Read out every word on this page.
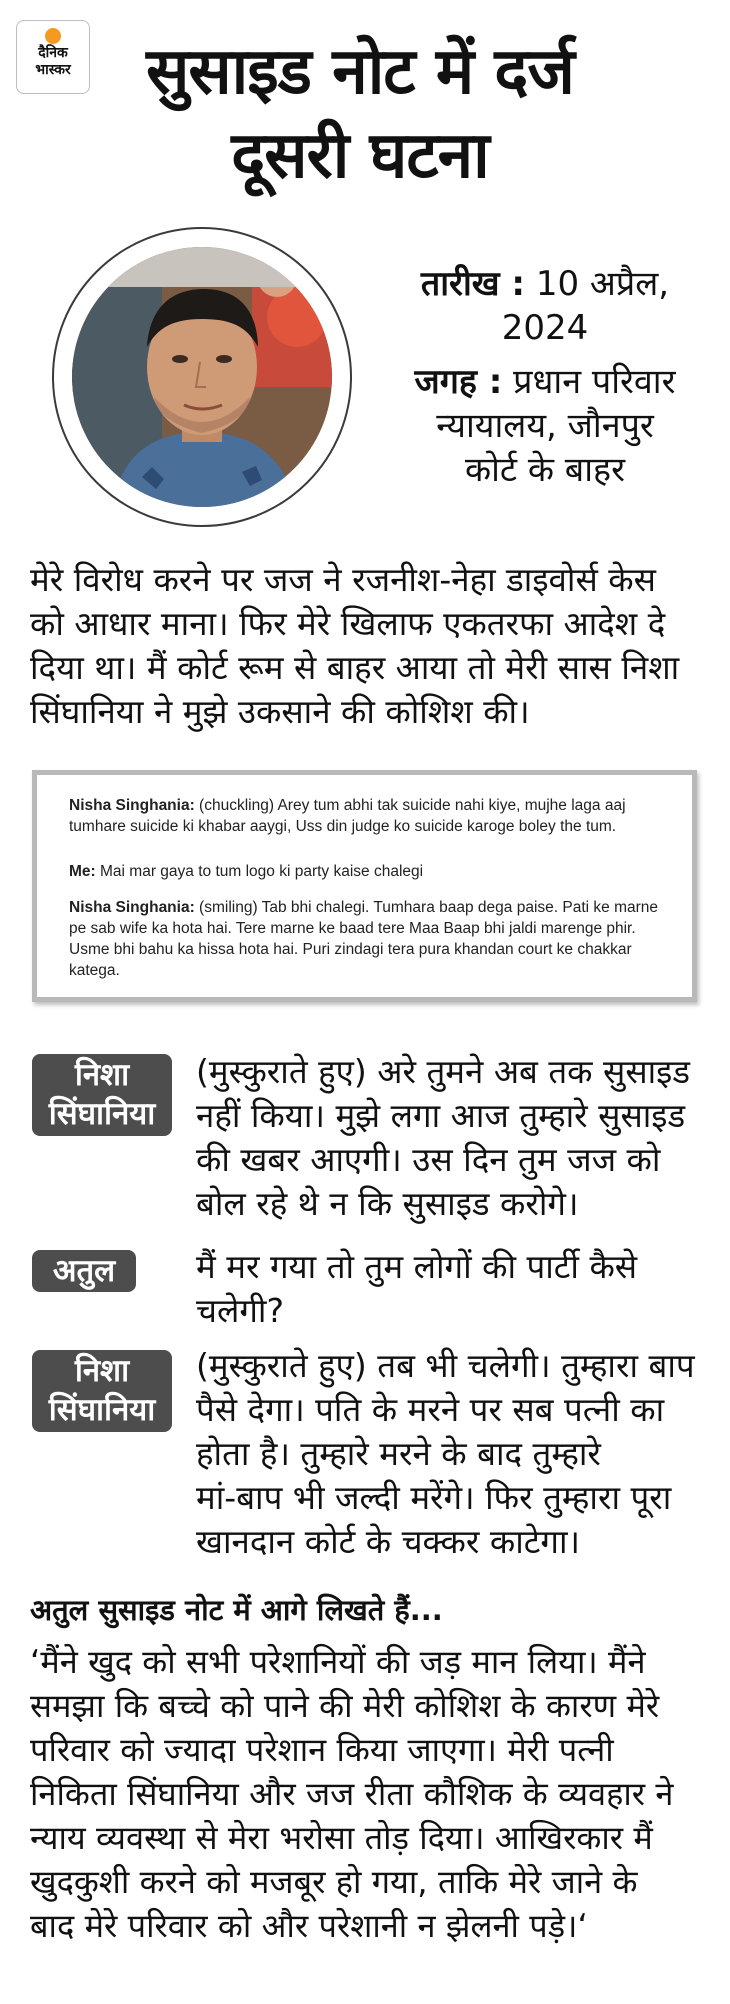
दैनिक
भास्कर	सुसाइड नोट में दर्ज
दूसरी घटना
तारीख : 10 अप्रैल,
2024
जगह : प्रधान परिवार
न्यायालय, जौनपुर
कोर्ट के बाहर
मेरे विरोध करने पर जज ने रजनीश-नेहा डाइवोर्स केस
को आधार माना। फिर मेरे खिलाफ एकतरफा आदेश दे
दिया था। मैं कोर्ट रूम से बाहर आया तो मेरी सास निशा
सिंघानिया ने मुझे उकसाने की कोशिश की।
Nisha Singhania: (chuckling) Arey tum abhi tak suicide nahi kiye, mujhe laga aaj
tumhare suicide ki khabar aaygi, Uss din judge ko suicide karoge boley the tum.
Me: Mai mar gaya to tum logo ki party kaise chalegi
Nisha Singhania: (smiling) Tab bhi chalegi. Tumhara baap dega paise. Pati ke marne
pe sab wife ka hota hai. Tere marne ke baad tere Maa Baap bhi jaldi marenge phir.
Usme bhi bahu ka hissa hota hai. Puri zindagi tera pura khandan court ke chakkar
katega.
निशा
सिंघानिया
(मुस्कुराते हुए) अरे तुमने अब तक सुसाइड
नहीं किया। मुझे लगा आज तुम्हारे सुसाइड
की खबर आएगी। उस दिन तुम जज को
बोल रहे थे न कि सुसाइड करोगे।
अतुल	मैं मर गया तो तुम लोगों की पार्टी कैसे
चलेगी?
निशा
सिंघानिया
(मुस्कुराते हुए) तब भी चलेगी। तुम्हारा बाप
पैसे देगा। पति के मरने पर सब पत्नी का
होता है। तुम्हारे मरने के बाद तुम्हारे
मां-बाप भी जल्दी मरेंगे। फिर तुम्हारा पूरा
खानदान कोर्ट के चक्कर काटेगा।
अतुल सुसाइड नोट में आगे लिखते हैं...
‘मैंने खुद को सभी परेशानियों की जड़ मान लिया। मैंने
समझा कि बच्चे को पाने की मेरी कोशिश के कारण मेरे
परिवार को ज्यादा परेशान किया जाएगा। मेरी पत्नी
निकिता सिंघानिया और जज रीता कौशिक के व्यवहार ने
न्याय व्यवस्था से मेरा भरोसा तोड़ दिया। आखिरकार मैं
खुदकुशी करने को मजबूर हो गया, ताकि मेरे जाने के
बाद मेरे परिवार को और परेशानी न झेलनी पड़े।‘
